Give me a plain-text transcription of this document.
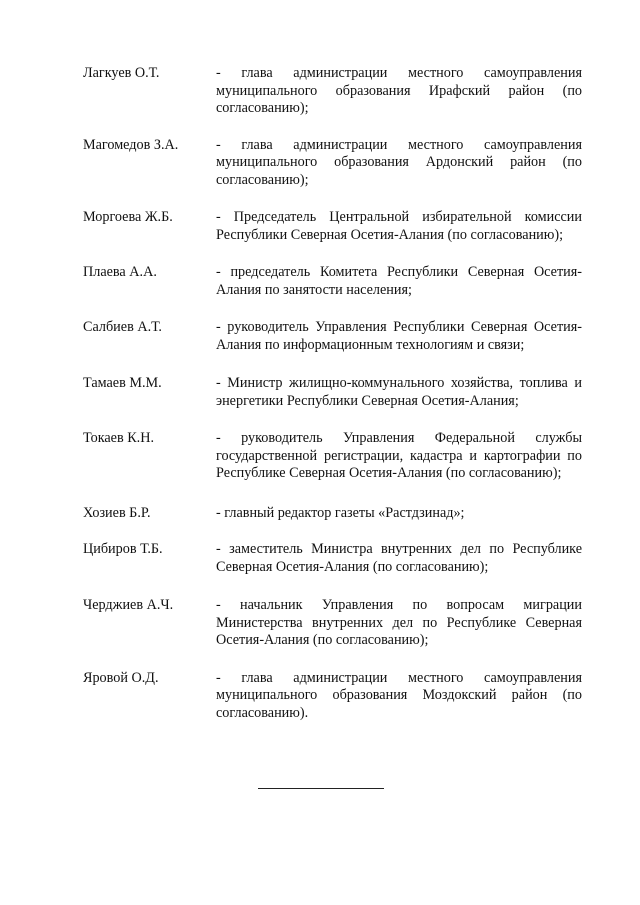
Лагкуев О.Т.	- глава администрации местного самоуправления муниципального образования Ирафский район (по согласованию);
Магомедов З.А.	- глава администрации местного самоуправления муниципального образования Ардонский район (по согласованию);
Моргоева Ж.Б.	- Председатель Центральной избирательной комиссии Республики Северная Осетия-Алания (по согласованию);
Плаева А.А.	- председатель Комитета Республики Северная Осетия-Алания по занятости населения;
Салбиев А.Т.	- руководитель Управления Республики Северная Осетия-Алания по информационным технологиям и связи;
Тамаев М.М.	- Министр жилищно-коммунального хозяйства, топлива и энергетики Республики Северная Осетия-Алания;
Токаев К.Н.	- руководитель Управления Федеральной службы государственной регистрации, кадастра и картографии по Республике Северная Осетия-Алания (по согласованию);
Хозиев Б.Р.	- главный редактор газеты «Растдзинад»;
Цибиров Т.Б.	- заместитель Министра внутренних дел по Республике Северная Осетия-Алания (по согласованию);
Черджиев А.Ч.	- начальник Управления по вопросам миграции Министерства внутренних дел по Республике Северная Осетия-Алания (по согласованию);
Яровой О.Д.	- глава администрации местного самоуправления муниципального образования Моздокский район (по согласованию).
